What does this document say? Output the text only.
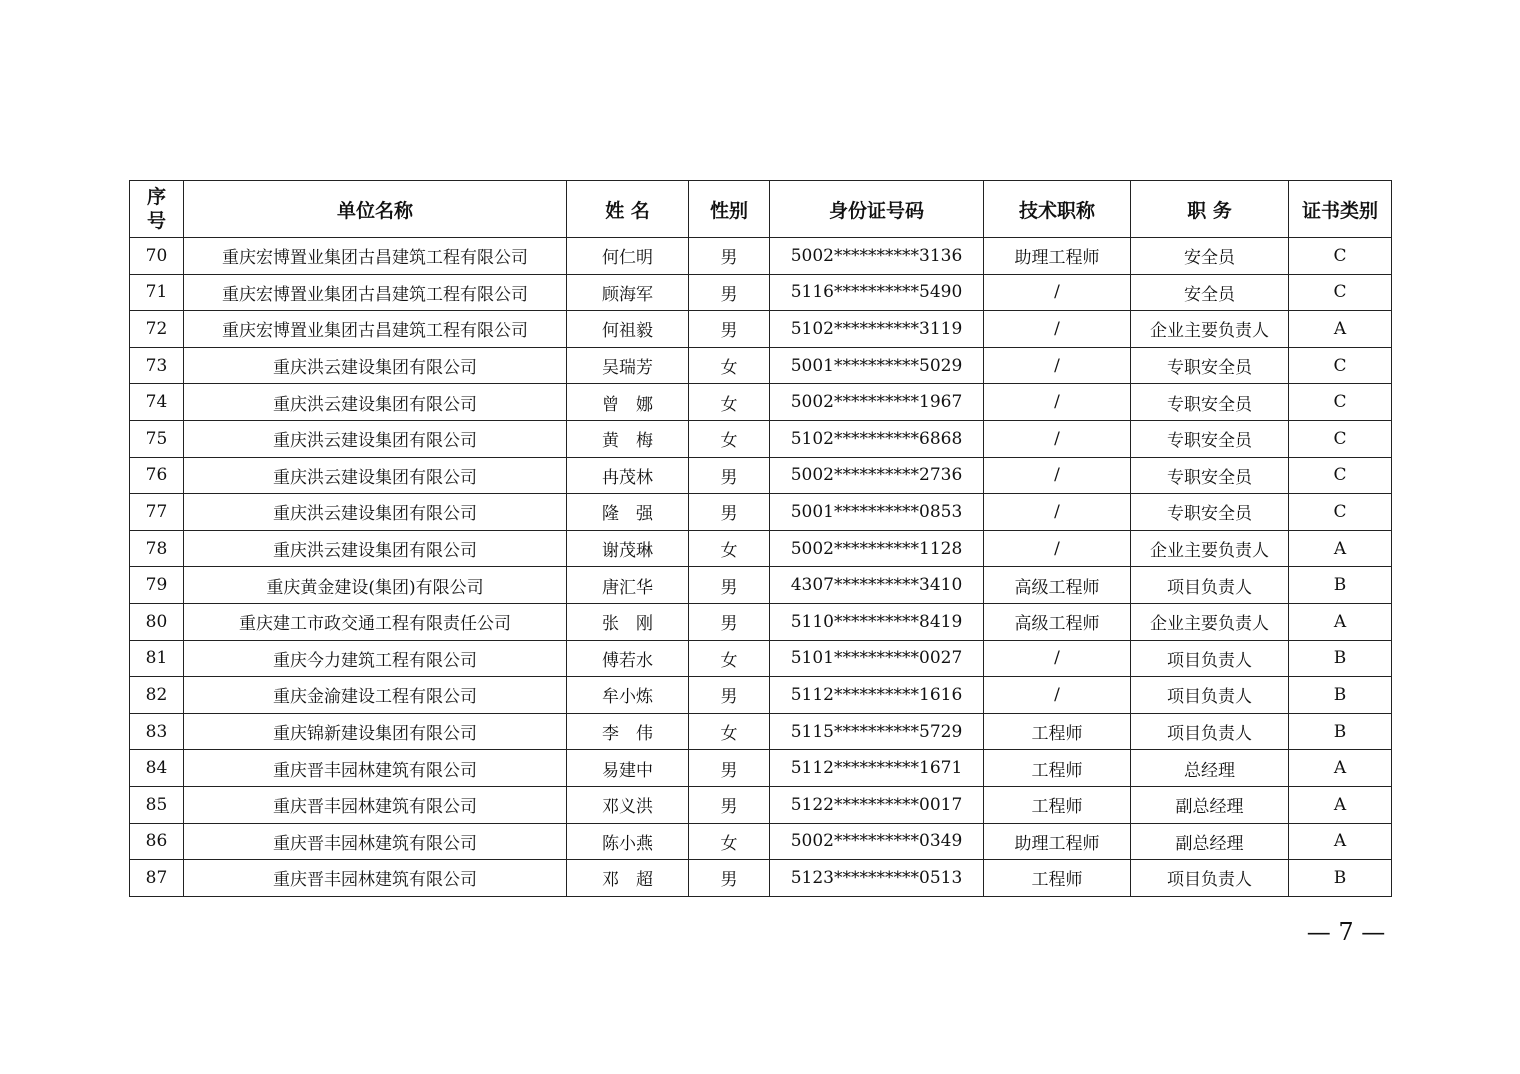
序
号	单位名称	姓 名	性别	身份证号码	技术职称	职 务	证书类别
70	重庆宏博置业集团古昌建筑工程有限公司	何仁明	男	5002**********3136	助理工程师	安全员	C
71	重庆宏博置业集团古昌建筑工程有限公司	顾海军	男	5116**********5490	/	安全员	C
72	重庆宏博置业集团古昌建筑工程有限公司	何祖毅	男	5102**********3119	/	企业主要负责人	A
73	重庆洪云建设集团有限公司	吴瑞芳	女	5001**********5029	/	专职安全员	C
74	重庆洪云建设集团有限公司	曾　娜	女	5002**********1967	/	专职安全员	C
75	重庆洪云建设集团有限公司	黄　梅	女	5102**********6868	/	专职安全员	C
76	重庆洪云建设集团有限公司	冉茂林	男	5002**********2736	/	专职安全员	C
77	重庆洪云建设集团有限公司	隆　强	男	5001**********0853	/	专职安全员	C
78	重庆洪云建设集团有限公司	谢茂琳	女	5002**********1128	/	企业主要负责人	A
79	重庆黄金建设(集团)有限公司	唐汇华	男	4307**********3410	高级工程师	项目负责人	B
80	重庆建工市政交通工程有限责任公司	张　刚	男	5110**********8419	高级工程师	企业主要负责人	A
81	重庆今力建筑工程有限公司	傅若水	女	5101**********0027	/	项目负责人	B
82	重庆金渝建设工程有限公司	牟小炼	男	5112**********1616	/	项目负责人	B
83	重庆锦新建设集团有限公司	李　伟	女	5115**********5729	工程师	项目负责人	B
84	重庆晋丰园林建筑有限公司	易建中	男	5112**********1671	工程师	总经理	A
85	重庆晋丰园林建筑有限公司	邓义洪	男	5122**********0017	工程师	副总经理	A
86	重庆晋丰园林建筑有限公司	陈小燕	女	5002**********0349	助理工程师	副总经理	A
87	重庆晋丰园林建筑有限公司	邓　超	男	5123**********0513	工程师	项目负责人	B
— 7 —
